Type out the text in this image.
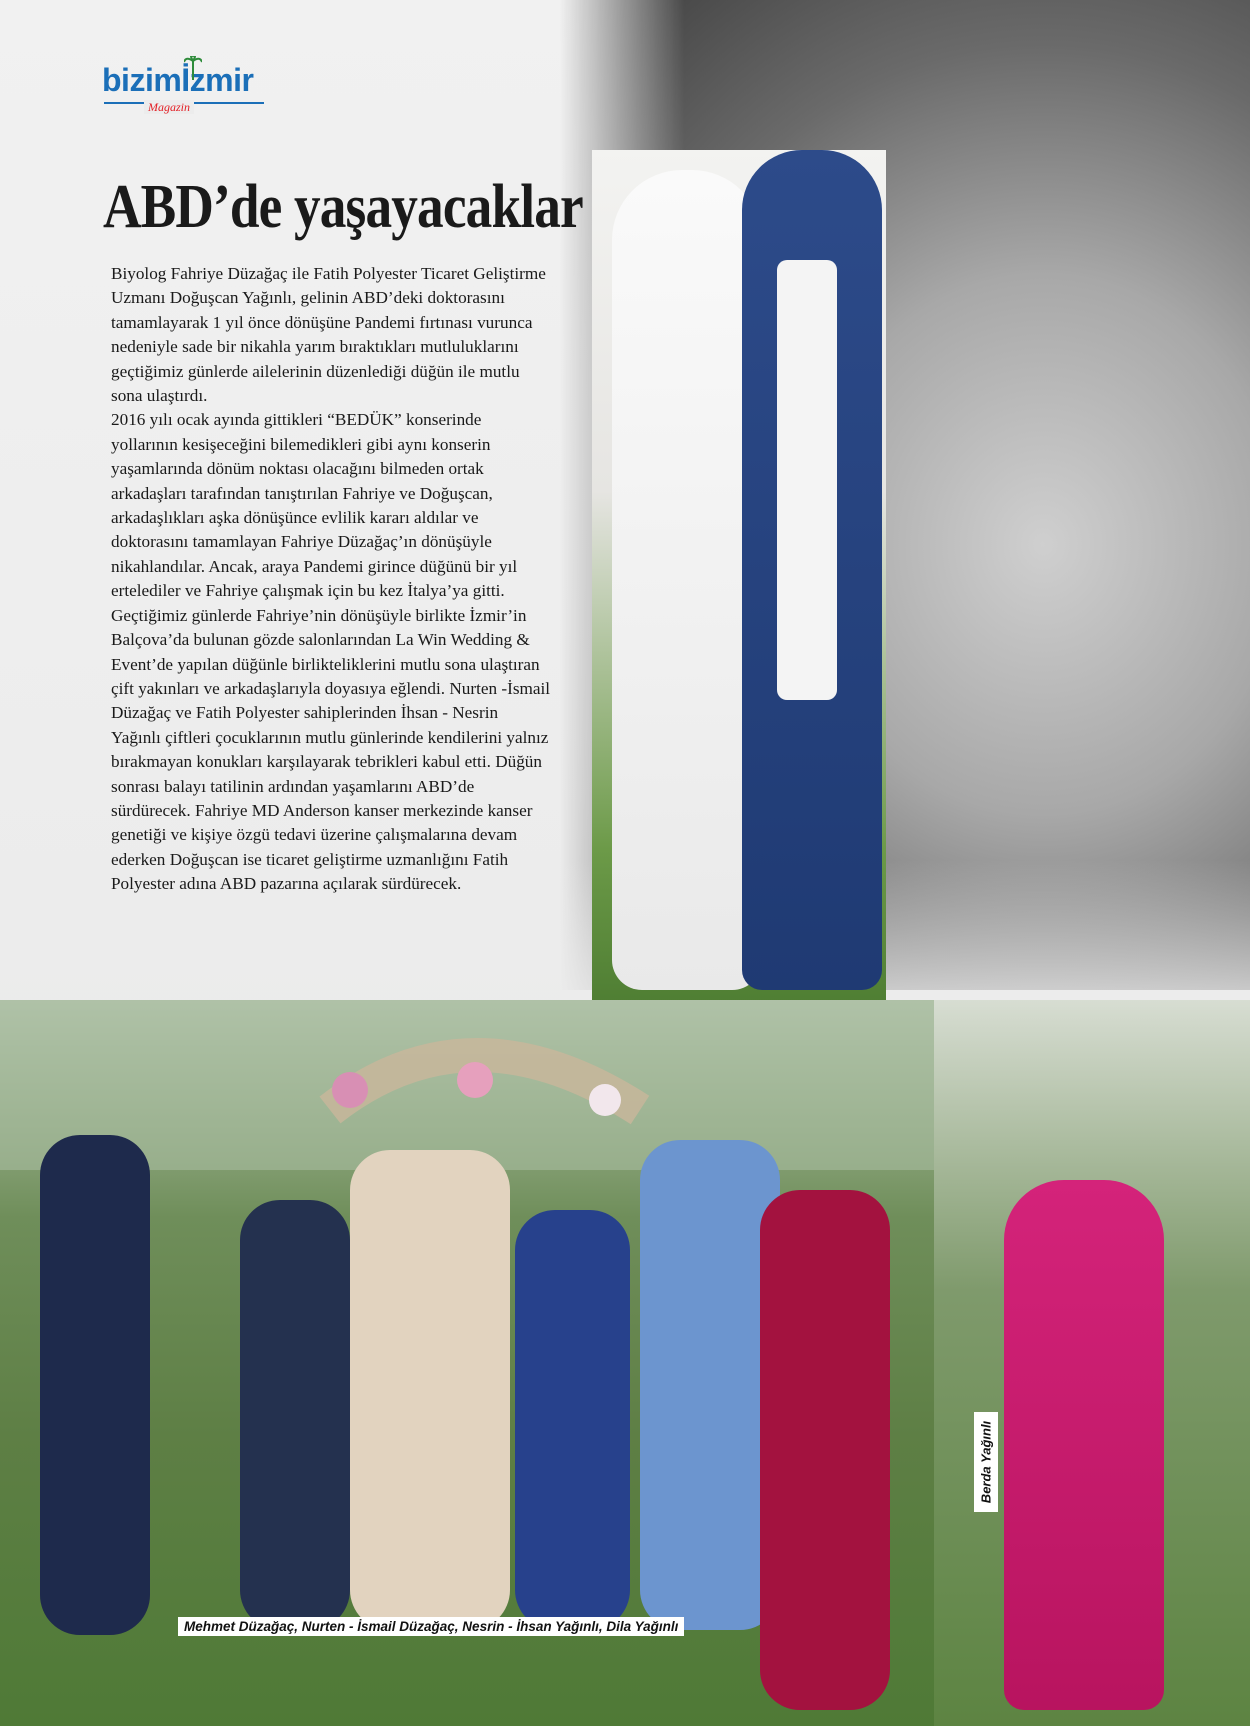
bizimİzmir
Magazin
ABD’de yaşayacaklar

Biyolog Fahriye Düzağaç ile Fatih Polyester Ticaret Geliştirme Uzmanı Doğuşcan Yağınlı, gelinin ABD’deki doktorasını tamamlayarak 1 yıl önce dönüşüne Pandemi fırtınası vurunca nedeniyle sade bir nikahla yarım bıraktıkları mutluluklarını geçtiğimiz günlerde ailelerinin düzenlediği düğün ile mutlu sona ulaştırdı.

2016 yılı ocak ayında gittikleri “BEDÜK” konserinde yollarının kesişeceğini bilemedikleri gibi aynı konserin yaşamlarında dönüm noktası olacağını bilmeden ortak arkadaşları tarafından tanıştırılan Fahriye ve Doğuşcan, arkadaşlıkları aşka dönüşünce evlilik kararı aldılar ve doktorasını tamamlayan Fahriye Düzağaç’ın dönüşüyle nikahlandılar. Ancak, araya Pandemi girince düğünü bir yıl ertelediler ve Fahriye çalışmak için bu kez İtalya’ya gitti. Geçtiğimiz günlerde Fahriye’nin dönüşüyle birlikte İzmir’in Balçova’da bulunan gözde salonlarından La Win Wedding & Event’de yapılan düğünle birlikteliklerini mutlu sona ulaştıran çift yakınları ve arkadaşlarıyla doyasıya eğlendi. Nurten -İsmail Düzağaç ve Fatih Polyester sahiplerinden İhsan - Nesrin Yağınlı çiftleri çocuklarının mutlu günlerinde kendilerini yalnız bırakmayan konukları karşılayarak tebrikleri kabul etti. Düğün sonrası balayı tatilinin ardından yaşamlarını ABD’de sürdürecek. Fahriye MD Anderson kanser merkezinde kanser genetiği ve kişiye özgü tedavi üzerine çalışmalarına devam ederken Doğuşcan ise ticaret geliştirme uzmanlığını Fatih Polyester adına ABD pazarına açılarak sürdürecek.

Mehmet Düzağaç, Nurten - İsmail Düzağaç, Nesrin - İhsan Yağınlı, Dila Yağınlı
Berda Yağınlı
